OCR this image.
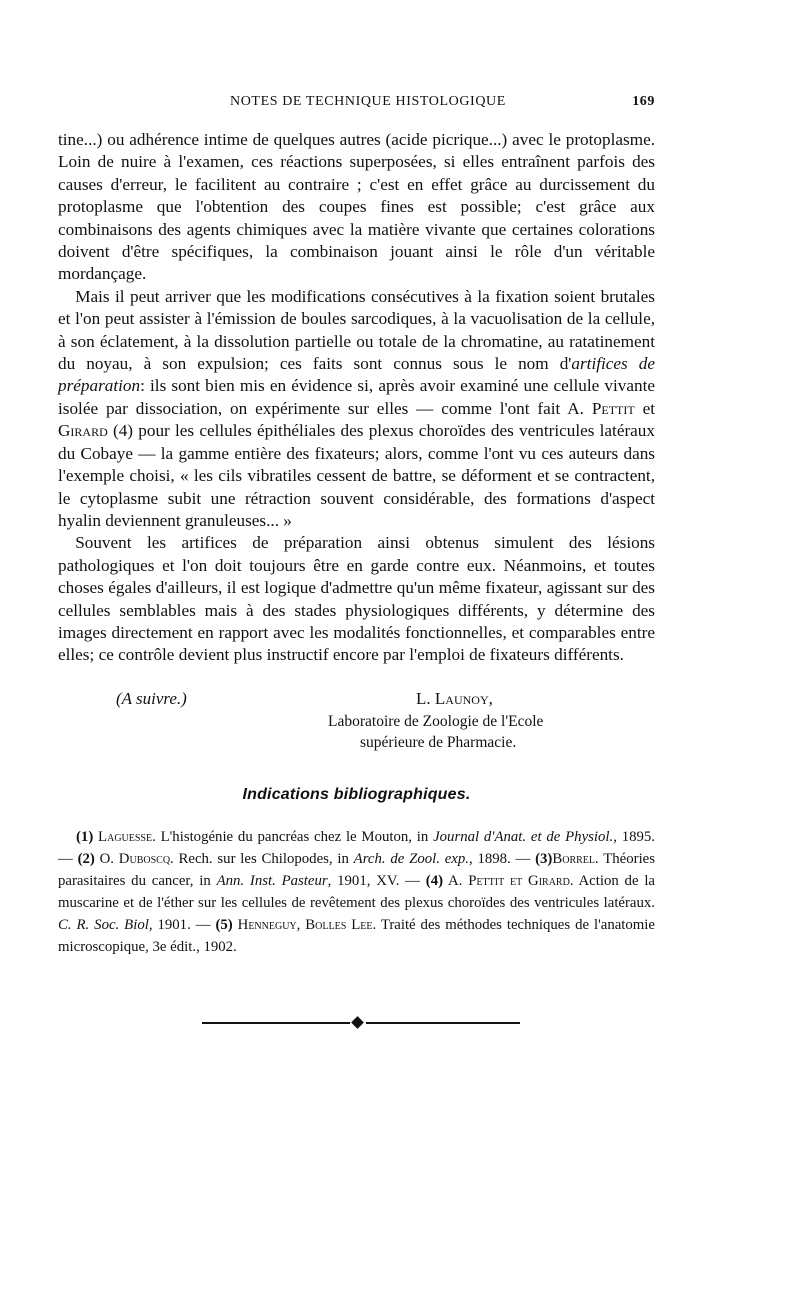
NOTES DE TECHNIQUE HISTOLOGIQUE	169

tine...) ou adhérence intime de quelques autres (acide picrique...) avec le protoplasme. Loin de nuire à l'examen, ces réactions superposées, si elles entraînent parfois des causes d'erreur, le facilitent au contraire ; c'est en effet grâce au durcissement du protoplasme que l'obtention des coupes fines est possible; c'est grâce aux combinaisons des agents chimiques avec la matière vivante que certaines colorations doivent d'être spécifiques, la combinaison jouant ainsi le rôle d'un véritable mordançage.

 Mais il peut arriver que les modifications consécutives à la fixation soient brutales et l'on peut assister à l'émission de boules sarcodiques, à la vacuolisation de la cellule, à son éclatement, à la dissolution partielle ou totale de la chromatine, au ratatinement du noyau, à son expulsion; ces faits sont connus sous le nom d'artifices de préparation: ils sont bien mis en évidence si, après avoir examiné une cellule vivante isolée par dissociation, on expérimente sur elles — comme l'ont fait A. Pettit et Girard (4) pour les cellules épithéliales des plexus choroïdes des ventricules latéraux du Cobaye — la gamme entière des fixateurs; alors, comme l'ont vu ces auteurs dans l'exemple choisi, « les cils vibratiles cessent de battre, se déforment et se contractent, le cytoplasme subit une rétraction souvent considérable, des formations d'aspect hyalin deviennent granuleuses... »

 Souvent les artifices de préparation ainsi obtenus simulent des lésions pathologiques et l'on doit toujours être en garde contre eux. Néanmoins, et toutes choses égales d'ailleurs, il est logique d'admettre qu'un même fixateur, agissant sur des cellules semblables mais à des stades physiologiques différents, y détermine des images directement en rapport avec les modalités fonctionnelles, et comparables entre elles; ce contrôle devient plus instructif encore par l'emploi de fixateurs différents.

(A suivre.)	L. Launoy,
Laboratoire de Zoologie de l'Ecole
supérieure de Pharmacie.
Indications bibliographiques.

(1) Laguesse. L'histogénie du pancréas chez le Mouton, in Journal d'Anat. et de Physiol., 1895. — (2) O. Duboscq. Rech. sur les Chilopodes, in Arch. de Zool. exp., 1898. — (3)Borrel. Théories parasitaires du cancer, in Ann. Inst. Pasteur, 1901, XV. — (4) A. Pettit et Girard. Action de la muscarine et de l'éther sur les cellules de revêtement des plexus choroïdes des ventricules latéraux. C. R. Soc. Biol, 1901. — (5) Henneguy, Bolles Lee. Traité des méthodes techniques de l'anatomie microscopique, 3e édit., 1902.
